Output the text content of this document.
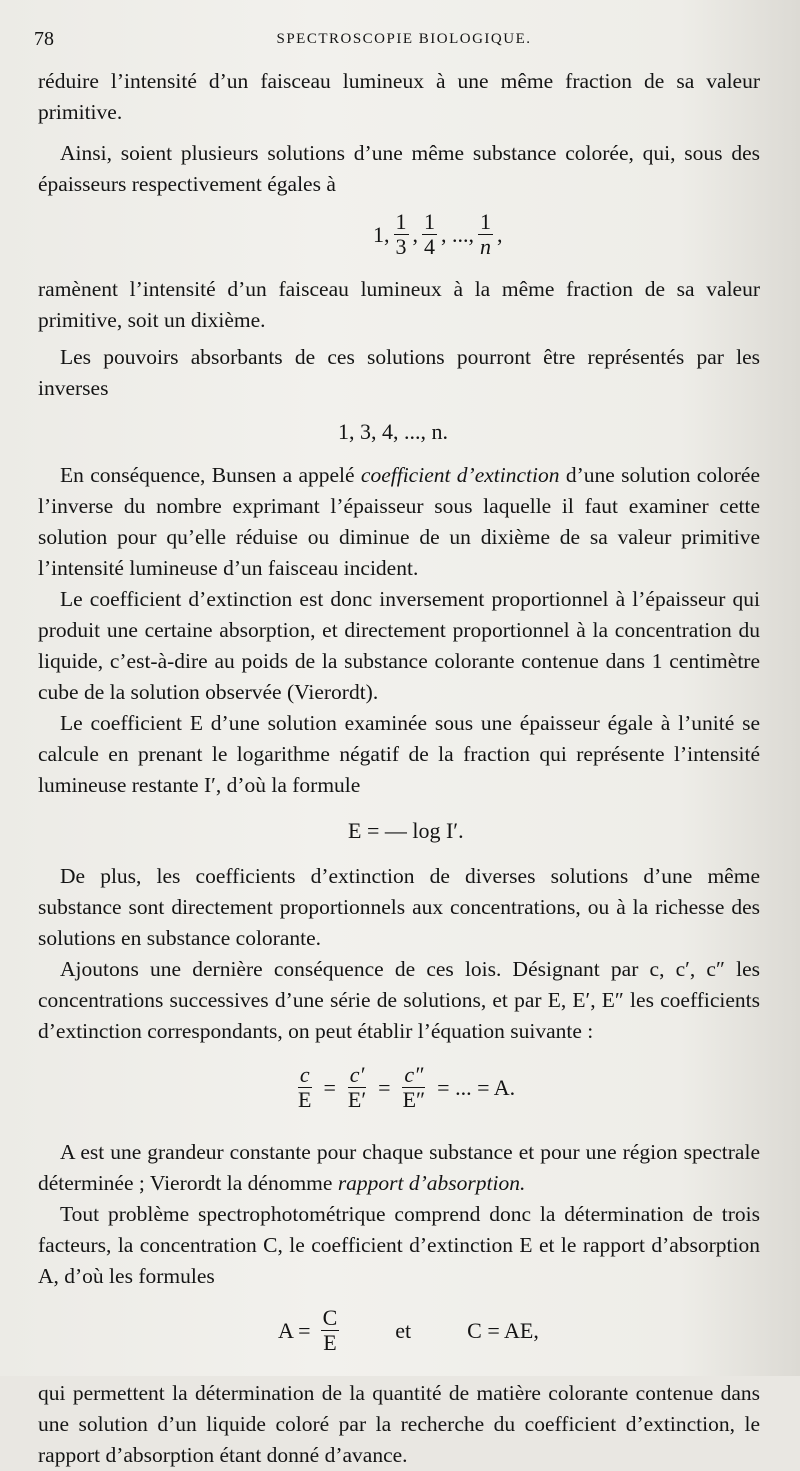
78	SPECTROSCOPIE BIOLOGIQUE.

réduire l’intensité d’un faisceau lumineux à une même fraction de sa valeur primitive.

Ainsi, soient plusieurs solutions d’une même substance colorée, qui, sous des épaisseurs respectivement égales à

1, $\frac{1}{3}$ , $\frac{1}{4}$ , ..., $\frac{1}{n}$ ,

ramènent l’intensité d’un faisceau lumineux à la même fraction de sa valeur primitive, soit un dixième.

Les pouvoirs absorbants de ces solutions pourront être représentés par les inverses

1, 3, 4, ..., n.

En conséquence, Bunsen a appelé coefficient d’extinction d’une solution colorée l’inverse du nombre exprimant l’épaisseur sous laquelle il faut examiner cette solution pour qu’elle réduise ou diminue de un dixième de sa valeur primitive l’intensité lumineuse d’un faisceau incident.

Le coefficient d’extinction est donc inversement proportionnel à l’épaisseur qui produit une certaine absorption, et directement proportionnel à la concentration du liquide, c’est-à-dire au poids de la substance colorante contenue dans 1 centimètre cube de la solution observée (Vierordt).

Le coefficient E d’une solution examinée sous une épaisseur égale à l’unité se calcule en prenant le logarithme négatif de la fraction qui représente l’intensité lumineuse restante I′, d’où la formule

E = — log I′.

De plus, les coefficients d’extinction de diverses solutions d’une même substance sont directement proportionnels aux concentrations, ou à la richesse des solutions en substance colorante.

Ajoutons une dernière conséquence de ces lois. Désignant par c, c′, c″ les concentrations successives d’une série de solutions, et par E, E′, E″ les coefficients d’extinction correspondants, on peut établir l’équation suivante :

$\frac{c}{E} = \frac{c'}{E'} = \frac{c''}{E''}$ = ... = A.

A est une grandeur constante pour chaque substance et pour une région spectrale déterminée ; Vierordt la dénomme rapport d’absorption.

Tout problème spectrophotométrique comprend donc la détermination de trois facteurs, la concentration C, le coefficient d’extinction E et le rapport d’absorption A, d’où les formules

$A = \frac{C}{E}$	et	C = AE,

qui permettent la détermination de la quantité de matière colorante contenue dans une solution d’un liquide coloré par la recherche du coefficient d’extinction, le rapport d’absorption étant donné d’avance.
